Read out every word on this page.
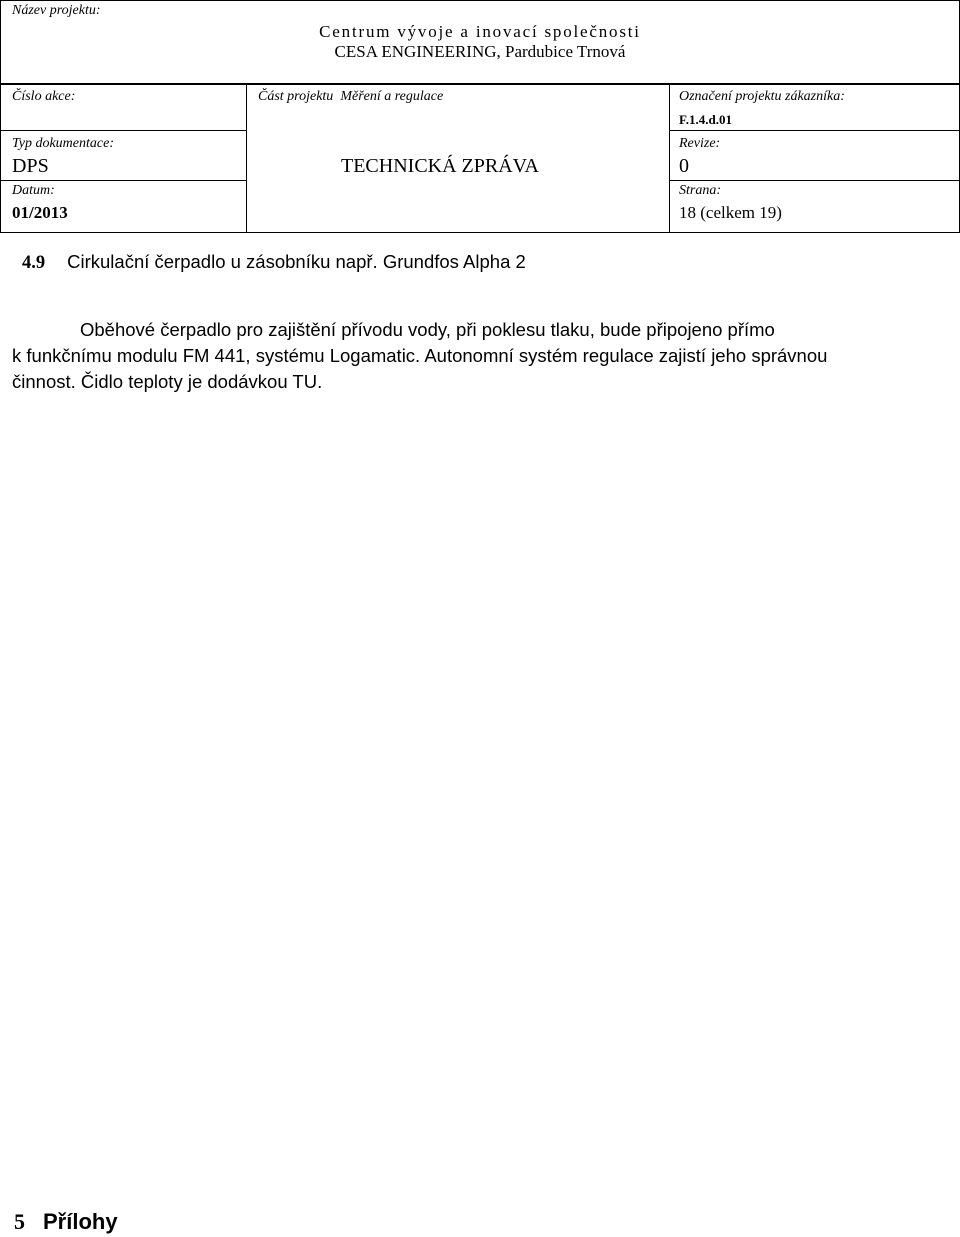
Název projektu:
Centrum vývoje a inovací společnosti
CESA ENGINEERING, Pardubice Trnová
Číslo akce:	Část projektu Měření a regulace	Označení projektu zákazníka:
F.1.4.d.01
Typ dokumentace:
DPS	TECHNICKÁ ZPRÁVA
Revize:
0
Datum:
01/2013
Strana:
18 (celkem 19)
4.9 Cirkulační čerpadlo u zásobníku např. Grundfos Alpha 2

Oběhové čerpadlo pro zajištění přívodu vody, při poklesu tlaku, bude připojeno přímo

k funkčnímu modulu FM 441, systému Logamatic. Autonomní systém regulace zajistí jeho správnou

činnost. Čidlo teploty je dodávkou TU.

5 Přílohy
